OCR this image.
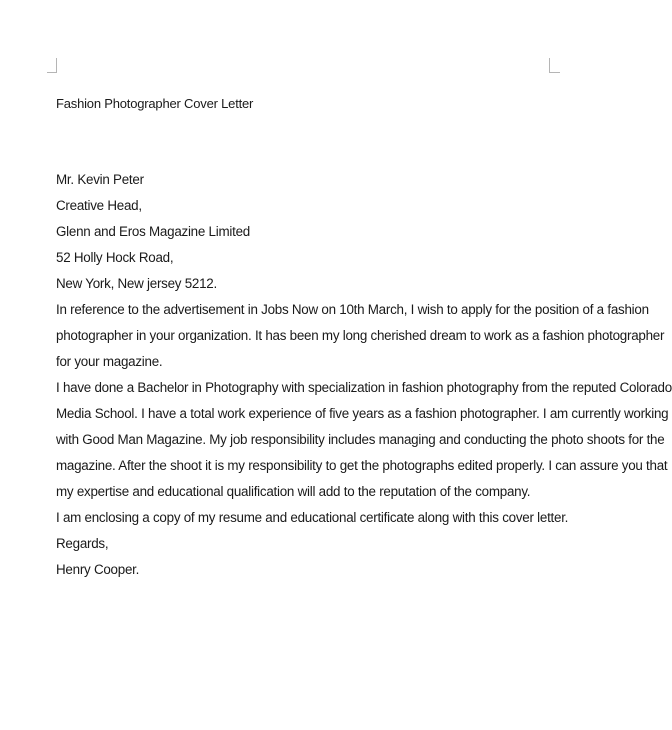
Fashion Photographer Cover Letter
Mr. Kevin Peter
Creative Head,
Glenn and Eros Magazine Limited
52 Holly Hock Road,
New York, New jersey 5212.
In reference to the advertisement in Jobs Now on 10th March, I wish to apply for the position of a fashion
photographer in your organization. It has been my long cherished dream to work as a fashion photographer
for your magazine.
I have done a Bachelor in Photography with specialization in fashion photography from the reputed Colorado
Media School. I have a total work experience of five years as a fashion photographer. I am currently working
with Good Man Magazine. My job responsibility includes managing and conducting the photo shoots for the
magazine. After the shoot it is my responsibility to get the photographs edited properly. I can assure you that
my expertise and educational qualification will add to the reputation of the company.
I am enclosing a copy of my resume and educational certificate along with this cover letter.
Regards,
Henry Cooper.
